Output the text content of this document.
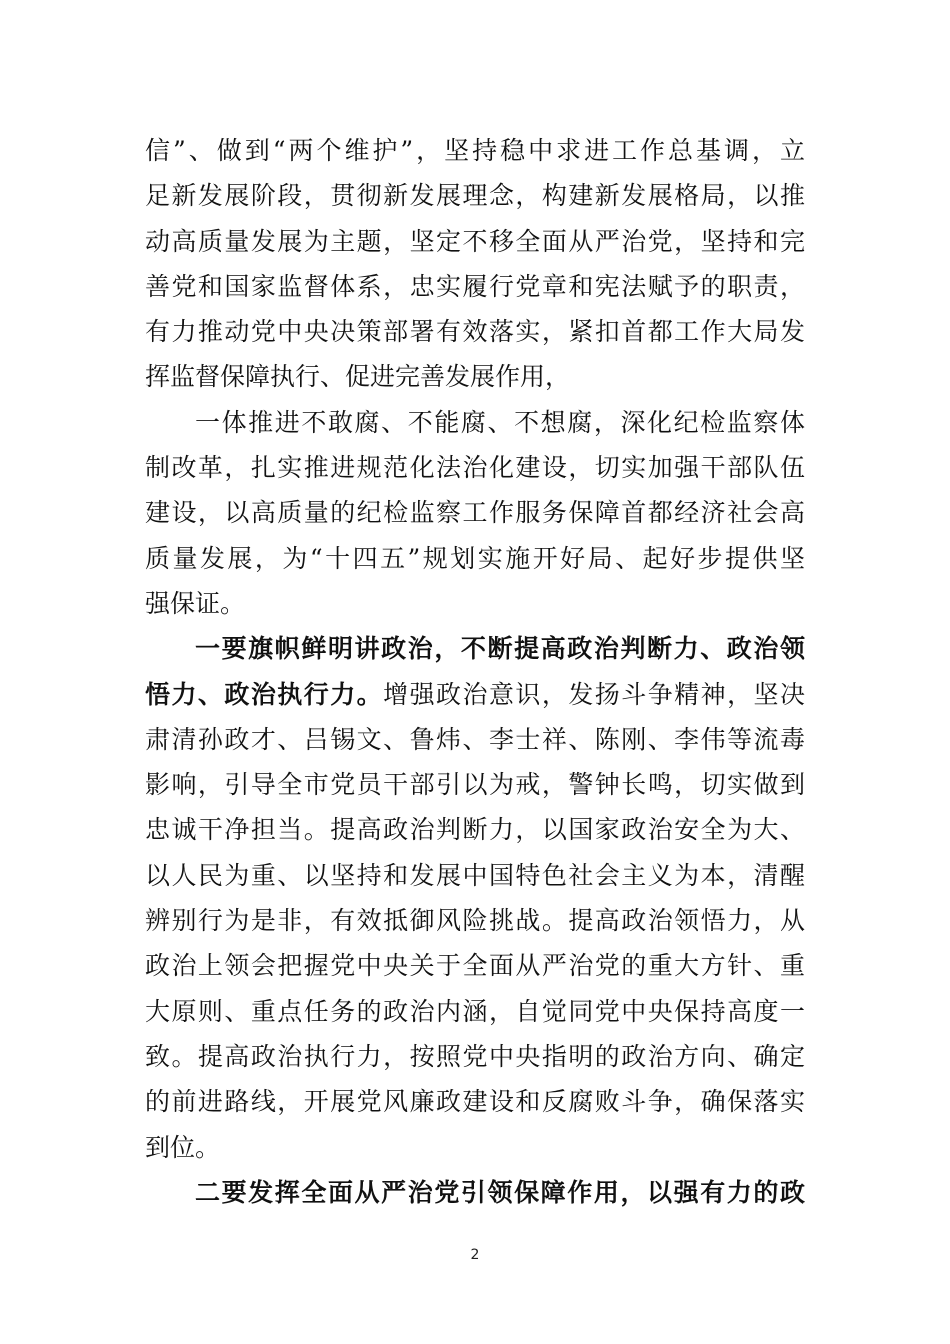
信”、做到“两个维护”，坚持稳中求进工作总基调，立
足新发展阶段，贯彻新发展理念，构建新发展格局，以推
动高质量发展为主题，坚定不移全面从严治党，坚持和完
善党和国家监督体系，忠实履行党章和宪法赋予的职责，
有力推动党中央决策部署有效落实，紧扣首都工作大局发
挥监督保障执行、促进完善发展作用，
一体推进不敢腐、不能腐、不想腐，深化纪检监察体
制改革，扎实推进规范化法治化建设，切实加强干部队伍
建设，以高质量的纪检监察工作服务保障首都经济社会高
质量发展，为“十四五”规划实施开好局、起好步提供坚
强保证。
一要旗帜鲜明讲政治，不断提高政治判断力、政治领
悟力、政治执行力。增强政治意识，发扬斗争精神，坚决
肃清孙政才、吕锡文、鲁炜、李士祥、陈刚、李伟等流毒
影响，引导全市党员干部引以为戒，警钟长鸣，切实做到
忠诚干净担当。提高政治判断力，以国家政治安全为大、
以人民为重、以坚持和发展中国特色社会主义为本，清醒
辨别行为是非，有效抵御风险挑战。提高政治领悟力，从
政治上领会把握党中央关于全面从严治党的重大方针、重
大原则、重点任务的政治内涵，自觉同党中央保持高度一
致。提高政治执行力，按照党中央指明的政治方向、确定
的前进路线，开展党风廉政建设和反腐败斗争，确保落实
到位。
二要发挥全面从严治党引领保障作用，以强有力的政
2
